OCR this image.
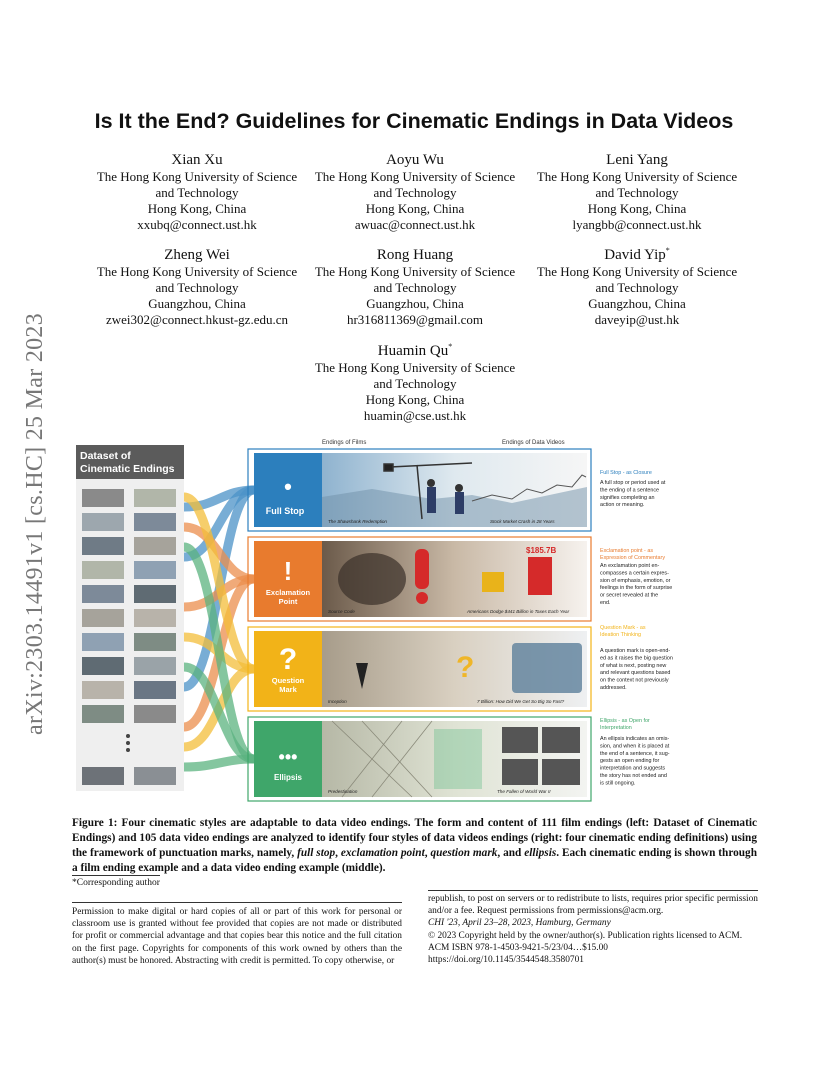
arXiv:2303.14491v1 [cs.HC] 25 Mar 2023
Is It the End? Guidelines for Cinematic Endings in Data Videos
Xian Xu
The Hong Kong University of Science
and Technology
Hong Kong, China
xxubq@connect.ust.hk
Aoyu Wu
The Hong Kong University of Science
and Technology
Hong Kong, China
awuac@connect.ust.hk
Leni Yang
The Hong Kong University of Science
and Technology
Hong Kong, China
lyangbb@connect.ust.hk
Zheng Wei
The Hong Kong University of Science
and Technology
Guangzhou, China
zwei302@connect.hkust-gz.edu.cn
Rong Huang
The Hong Kong University of Science
and Technology
Guangzhou, China
hr316811369@gmail.com
David Yip*
The Hong Kong University of Science
and Technology
Guangzhou, China
daveyip@ust.hk
Huamin Qu*
The Hong Kong University of Science
and Technology
Hong Kong, China
huamin@cse.ust.hk
Dataset of
Cinematic Endings
Endings of Films	Endings of Data Videos
•
Full Stop
The Shawshank Redemption	Stock Market Crash in 28 Years
Full Stop - as Closure
A full stop or period used at
the ending of a sentence
signifies completing an
action or meaning.
!
Exclamation
Point
$185.7B
Source Code	Americans Dodge $441 Billion in Taxes Each Year
Exclamation point - as
Expression of Commentary
An exclamation point en-
compasses a certain expres-
sion of emphasis, emotion, or
feelings in the form of surprise
or secret revealed at the
end.
?
Question
Mark
?
Inception	7 Billion: How Did We Get So Big So Fast?
Question Mark - as
Ideation Thinking
A question mark is open-end-
ed as it raises the big question
of what is next, posting new
and relevant questions based
on the context not previously
addressed.
•••
Ellipsis
Predestination	The Fallen of World War II
Ellipsis - as Open for
Interpretation
An ellipsis indicates an omis-
sion, and when it is placed at
the end of a sentence, it sug-
gests an open ending for
interpretation and suggests
the story has not ended and
is still ongoing.
Figure 1: Four cinematic styles are adaptable to data video endings. The form and content of 111 film endings (left: Dataset of Cinematic Endings) and 105 data video endings are analyzed to identify four styles of data videos endings (right: four cinematic ending definitions) using the framework of punctuation marks, namely, full stop, exclamation point, question mark, and ellipsis. Each cinematic ending is shown through a film ending example and a data video ending example (middle).
*Corresponding author
Permission to make digital or hard copies of all or part of this work for personal or classroom use is granted without fee provided that copies are not made or distributed for profit or commercial advantage and that copies bear this notice and the full citation on the first page. Copyrights for components of this work owned by others than the author(s) must be honored. Abstracting with credit is permitted. To copy otherwise, or
republish, to post on servers or to redistribute to lists, requires prior specific permission and/or a fee. Request permissions from permissions@acm.org.
CHI '23, April 23–28, 2023, Hamburg, Germany
© 2023 Copyright held by the owner/author(s). Publication rights licensed to ACM.
ACM ISBN 978-1-4503-9421-5/23/04…$15.00
https://doi.org/10.1145/3544548.3580701
